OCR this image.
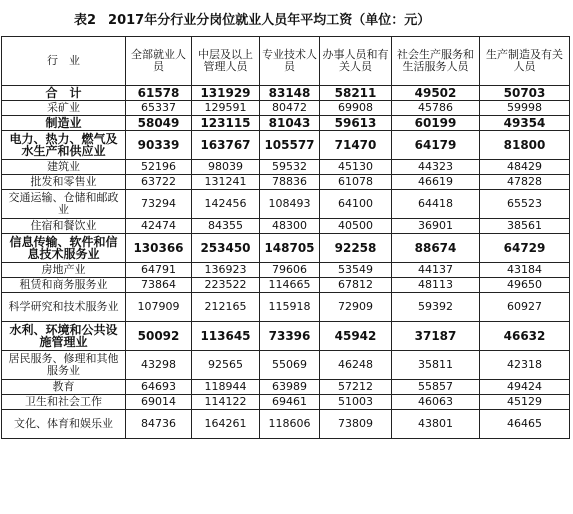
表2 2017年分行业分岗位就业人员年平均工资（单位：元）
行　业	全部就业人员	中层及以上管理人员	专业技术人员	办事人员和有关人员	社会生产服务和生活服务人员	生产制造及有关人员
合　计	61578	131929	83148	58211	49502	50703
采矿业	65337	129591	80472	69908	45786	59998
制造业	58049	123115	81043	59613	60199	49354
电力、热力、燃气及水生产和供应业	90339	163767	105577	71470	64179	81800
建筑业	52196	98039	59532	45130	44323	48429
批发和零售业	63722	131241	78836	61078	46619	47828
交通运输、仓储和邮政业	73294	142456	108493	64100	64418	65523
住宿和餐饮业	42474	84355	48300	40500	36901	38561
信息传输、软件和信息技术服务业	130366	253450	148705	92258	88674	64729
房地产业	64791	136923	79606	53549	44137	43184
租赁和商务服务业	73864	223522	114665	67812	48113	49650
科学研究和技术服务业	107909	212165	115918	72909	59392	60927
水利、环境和公共设施管理业	50092	113645	73396	45942	37187	46632
居民服务、修理和其他服务业	43298	92565	55069	46248	35811	42318
教育	64693	118944	63989	57212	55857	49424
卫生和社会工作	69014	114122	69461	51003	46063	45129
文化、体育和娱乐业	84736	164261	118606	73809	43801	46465
